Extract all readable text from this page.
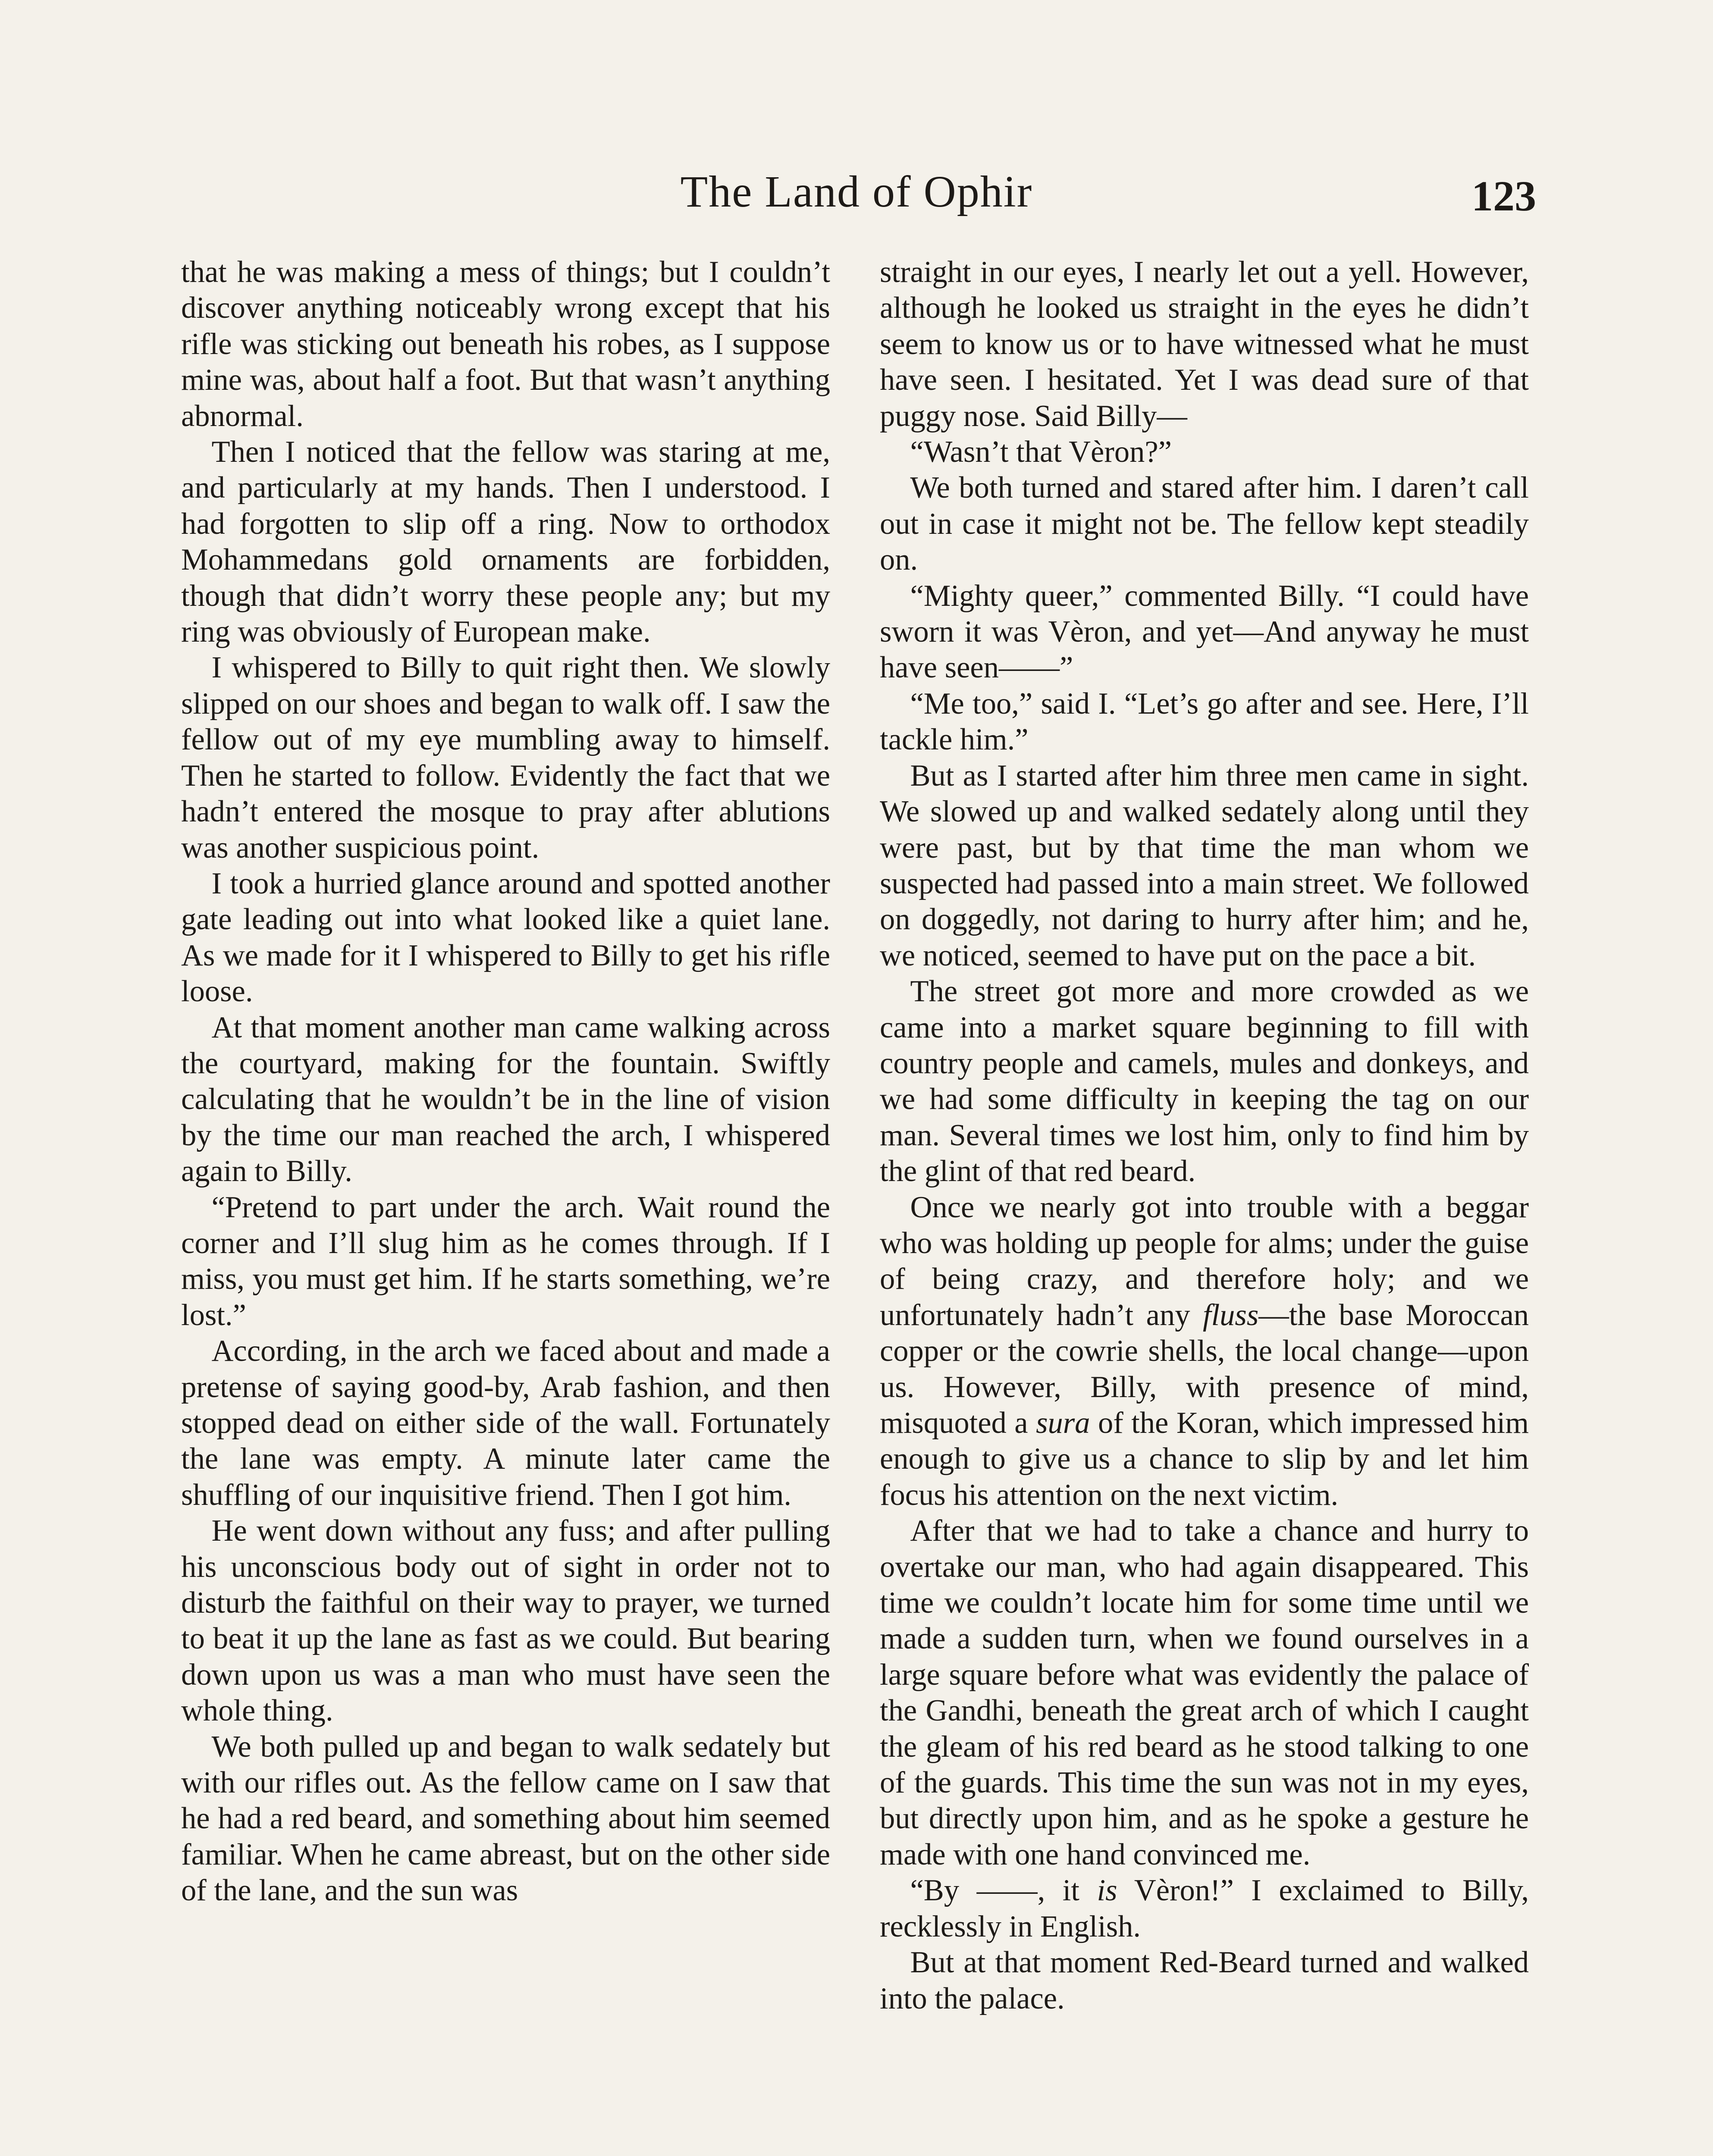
The Land of Ophir	123

that he was making a mess of things; but I couldn’t discover anything noticeably wrong except that his rifle was sticking out beneath his robes, as I suppose mine was, about half a foot. But that wasn’t anything abnormal.

Then I noticed that the fellow was staring at me, and particularly at my hands. Then I understood. I had forgotten to slip off a ring. Now to orthodox Mohammedans gold ornaments are forbidden, though that didn’t worry these people any; but my ring was obviously of European make.

I whispered to Billy to quit right then. We slowly slipped on our shoes and began to walk off. I saw the fellow out of my eye mumbling away to himself. Then he started to follow. Evidently the fact that we hadn’t entered the mosque to pray after ablutions was another suspicious point.

I took a hurried glance around and spotted another gate leading out into what looked like a quiet lane. As we made for it I whispered to Billy to get his rifle loose.

At that moment another man came walking across the courtyard, making for the fountain. Swiftly calculating that he wouldn’t be in the line of vision by the time our man reached the arch, I whispered again to Billy.

“Pretend to part under the arch. Wait round the corner and I’ll slug him as he comes through. If I miss, you must get him. If he starts something, we’re lost.”

According, in the arch we faced about and made a pretense of saying good-by, Arab fashion, and then stopped dead on either side of the wall. Fortunately the lane was empty. A minute later came the shuffling of our inquisitive friend. Then I got him.

He went down without any fuss; and after pulling his unconscious body out of sight in order not to disturb the faithful on their way to prayer, we turned to beat it up the lane as fast as we could. But bearing down upon us was a man who must have seen the whole thing.

We both pulled up and began to walk sedately but with our rifles out. As the fellow came on I saw that he had a red beard, and something about him seemed familiar. When he came abreast, but on the other side of the lane, and the sun was

straight in our eyes, I nearly let out a yell. However, although he looked us straight in the eyes he didn’t seem to know us or to have witnessed what he must have seen. I hesitated. Yet I was dead sure of that puggy nose. Said Billy—

“Wasn’t that Vèron?”

We both turned and stared after him. I daren’t call out in case it might not be. The fellow kept steadily on.

“Mighty queer,” commented Billy. “I could have sworn it was Vèron, and yet—And anyway he must have seen——”

“Me too,” said I. “Let’s go after and see. Here, I’ll tackle him.”

But as I started after him three men came in sight. We slowed up and walked sedately along until they were past, but by that time the man whom we suspected had passed into a main street. We followed on doggedly, not daring to hurry after him; and he, we noticed, seemed to have put on the pace a bit.

The street got more and more crowded as we came into a market square beginning to fill with country people and camels, mules and donkeys, and we had some difficulty in keeping the tag on our man. Several times we lost him, only to find him by the glint of that red beard.

Once we nearly got into trouble with a beggar who was holding up people for alms; under the guise of being crazy, and therefore holy; and we unfortunately hadn’t any fluss—the base Moroccan copper or the cowrie shells, the local change—upon us. However, Billy, with presence of mind, misquoted a sura of the Koran, which impressed him enough to give us a chance to slip by and let him focus his attention on the next victim.

After that we had to take a chance and hurry to overtake our man, who had again disappeared. This time we couldn’t locate him for some time until we made a sudden turn, when we found ourselves in a large square before what was evidently the palace of the Gandhi, beneath the great arch of which I caught the gleam of his red beard as he stood talking to one of the guards. This time the sun was not in my eyes, but directly upon him, and as he spoke a gesture he made with one hand convinced me.

“By ——, it is Vèron!” I exclaimed to Billy, recklessly in English.

But at that moment Red-Beard turned and walked into the palace.
